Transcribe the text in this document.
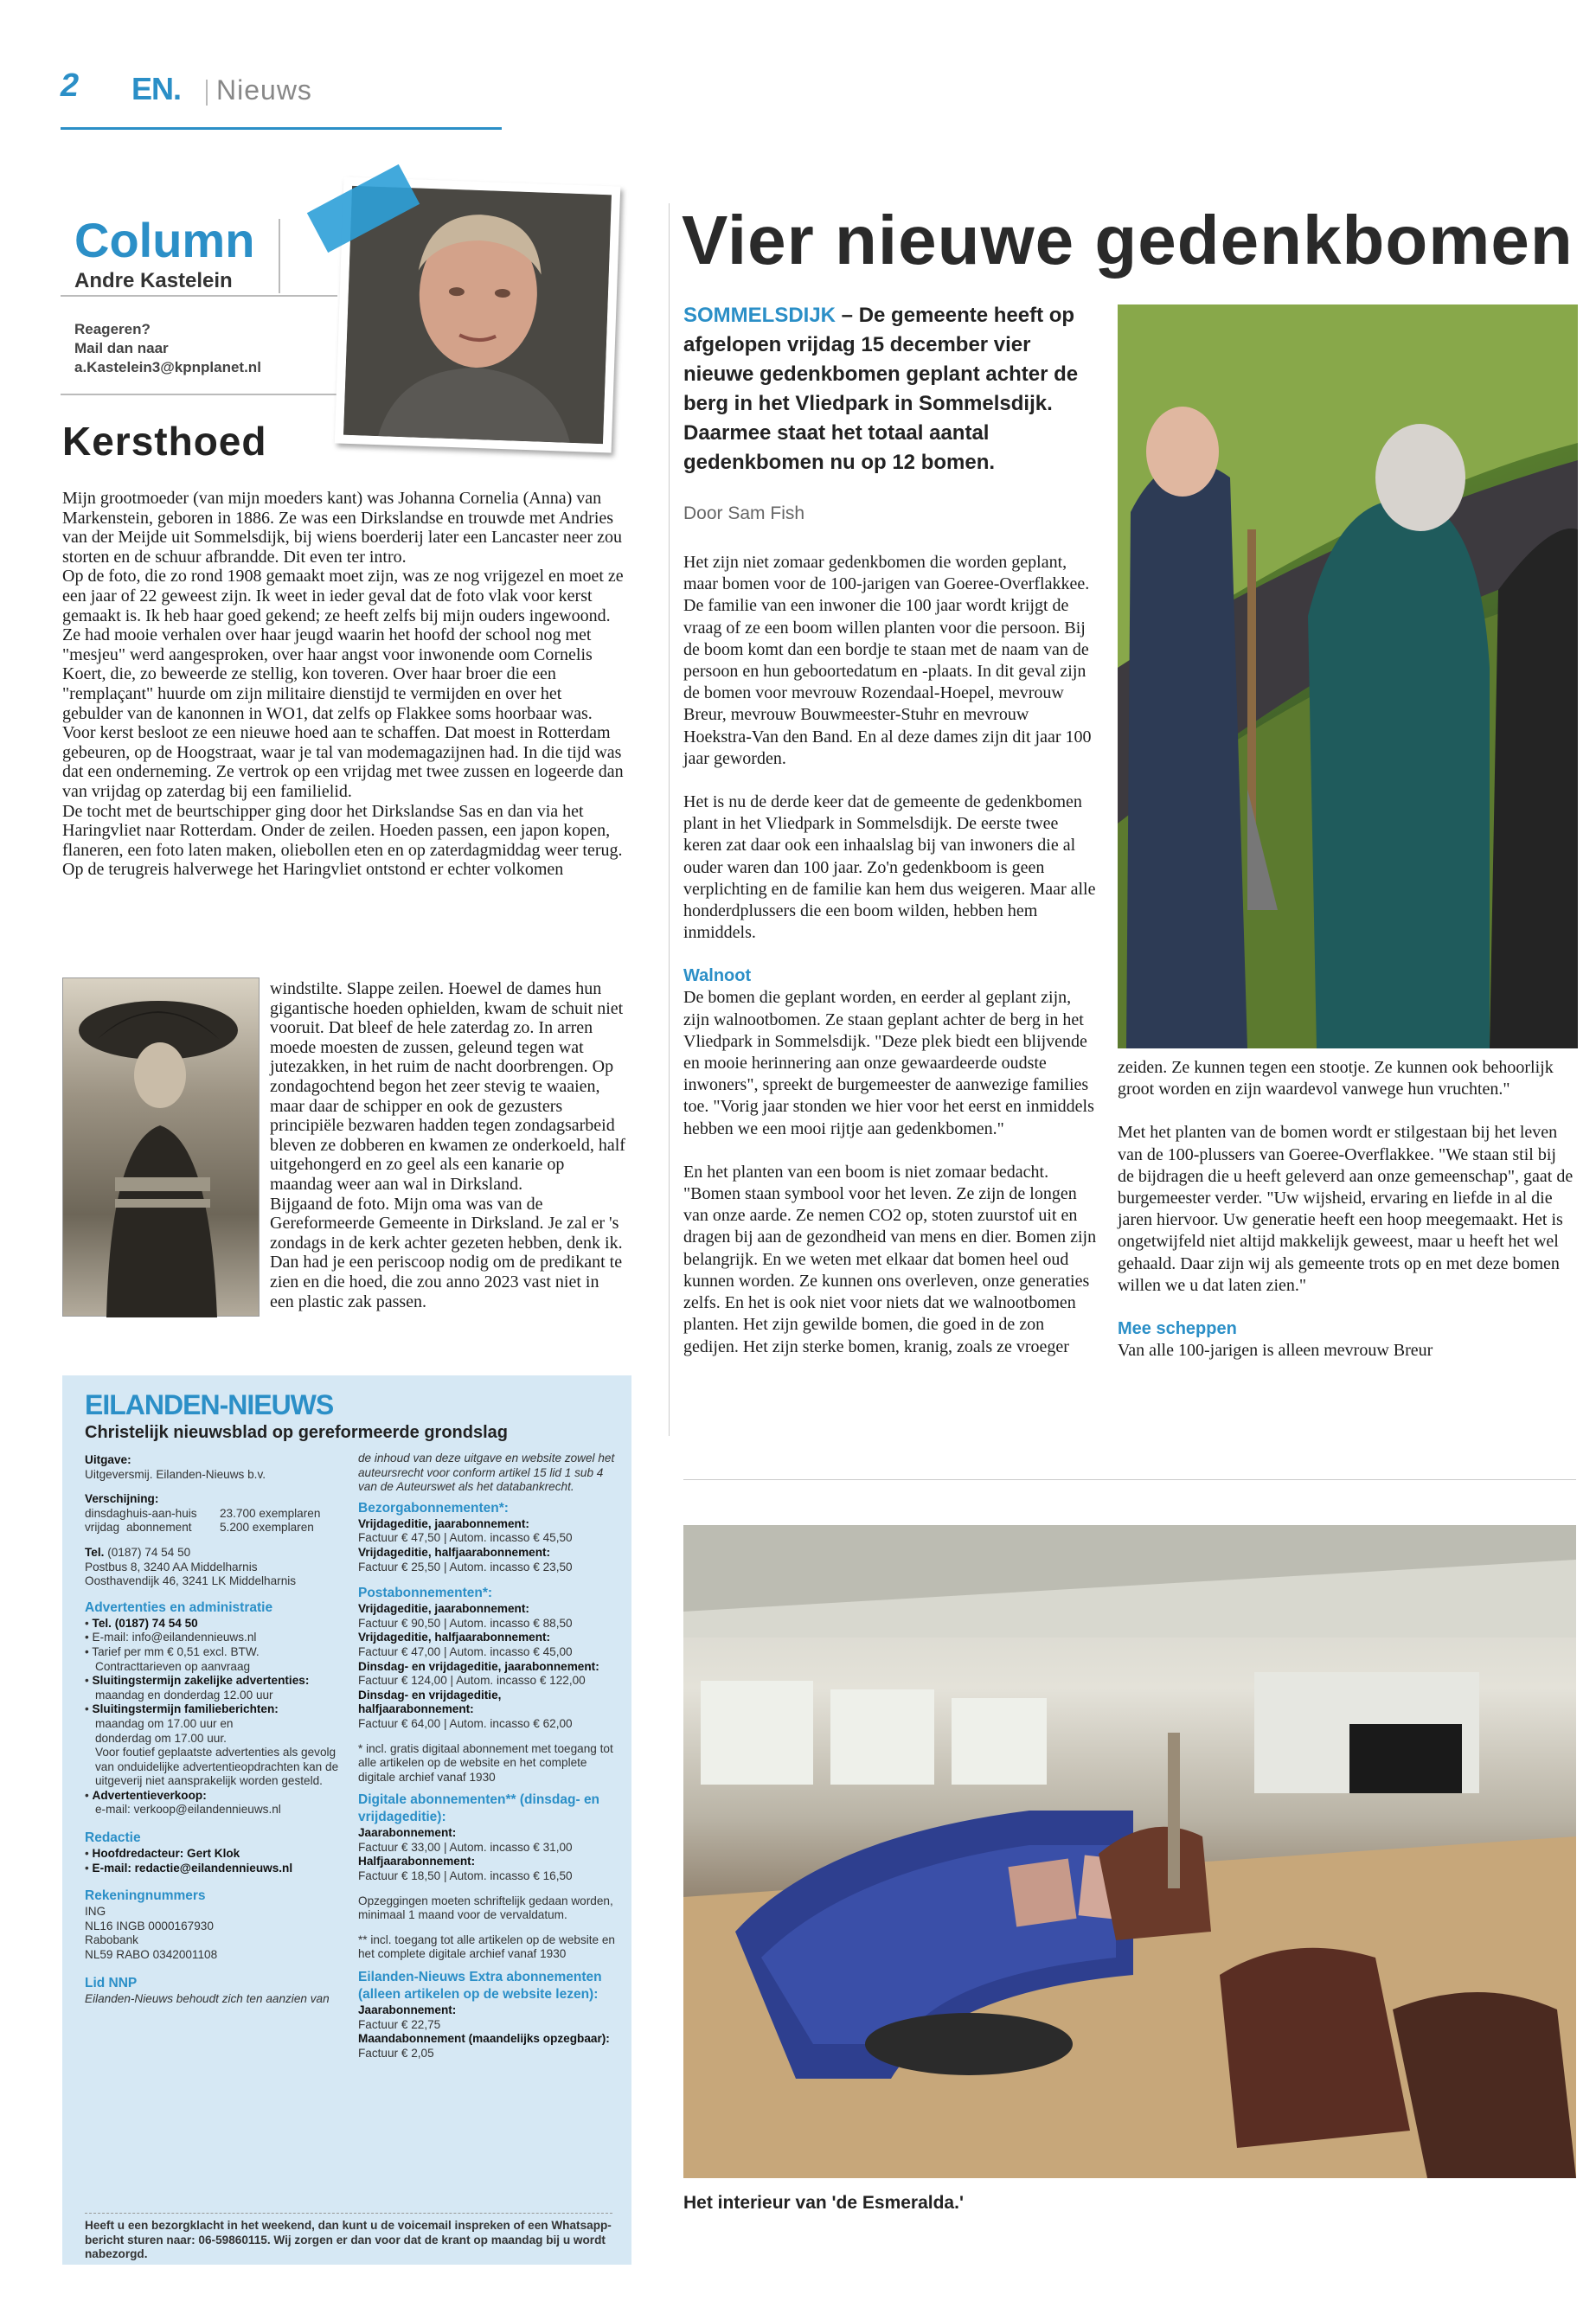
2 EN. Nieuws
Column
Andre Kastelein
Reageren?
Mail dan naar
a.Kastelein3@kpnplanet.nl
Kersthoed

Mijn grootmoeder (van mijn moeders kant) was Johanna Cornelia (Anna) van Markenstein, geboren in 1886. Ze was een Dirkslandse en trouwde met Andries van der Meijde uit Sommelsdijk, bij wiens boerderij later een Lancaster neer zou storten en de schuur afbrandde. Dit even ter intro.

Op de foto, die zo rond 1908 gemaakt moet zijn, was ze nog vrijgezel en moet ze een jaar of 22 geweest zijn. Ik weet in ieder geval dat de foto vlak voor kerst gemaakt is. Ik heb haar goed gekend; ze heeft zelfs bij mijn ouders ingewoond. Ze had mooie verhalen over haar jeugd waarin het hoofd der school nog met "mesjeu" werd aangesproken, over haar angst voor inwonende oom Cornelis Koert, die, zo beweerde ze stellig, kon toveren. Over haar broer die een "remplaçant" huurde om zijn militaire dienstijd te vermijden en over het gebulder van de kanonnen in WO1, dat zelfs op Flakkee soms hoorbaar was.

Voor kerst besloot ze een nieuwe hoed aan te schaffen. Dat moest in Rotterdam gebeuren, op de Hoogstraat, waar je tal van modemagazijnen had. In die tijd was dat een onderneming. Ze vertrok op een vrijdag met twee zussen en logeerde dan van vrijdag op zaterdag bij een familielid.

De tocht met de beurtschipper ging door het Dirkslandse Sas en dan via het Haringvliet naar Rotterdam. Onder de zeilen. Hoeden passen, een japon kopen, flaneren, een foto laten maken, oliebollen eten en op zaterdagmiddag weer terug.

Op de terugreis halverwege het Haringvliet ontstond er echter volkomen

windstilte. Slappe zeilen. Hoewel de dames hun gigantische hoeden ophielden, kwam de schuit niet vooruit. Dat bleef de hele zaterdag zo. In arren moede moesten de zussen, geleund tegen wat jutezakken, in het ruim de nacht doorbrengen. Op zondagochtend begon het zeer stevig te waaien, maar daar de schipper en ook de gezusters principiële bezwaren hadden tegen zondagsarbeid bleven ze dobberen en kwamen ze onderkoeld, half uitgehongerd en zo geel als een kanarie op maandag weer aan wal in Dirksland.

Bijgaand de foto. Mijn oma was van de Gereformeerde Gemeente in Dirksland. Je zal er 's zondags in de kerk achter gezeten hebben, denk ik. Dan had je een periscoop nodig om de predikant te zien en die hoed, die zou anno 2023 vast niet in een plastic zak passen.

EILANDEN-NIEUWS
Christelijk nieuwsblad op gereformeerde grondslag
Uitgave:
Uitgeversmij. Eilanden-Nieuws b.v.
Verschijning:
dinsdag huis-aan-huis	23.700 exemplaren
vrijdag abonnement	5.200 exemplaren
Tel. (0187) 74 54 50
Postbus 8, 3240 AA Middelharnis
Oosthavendijk 46, 3241 LK Middelharnis
Advertenties en administratie
• Tel. (0187) 74 54 50
• E-mail: info@eilandennieuws.nl
• Tarief per mm € 0,51 excl. BTW.
Contracttarieven op aanvraag
• Sluitingstermijn zakelijke advertenties:
maandag en donderdag 12.00 uur
• Sluitingstermijn familieberichten:
maandag om 17.00 uur en
donderdag om 17.00 uur.
Voor foutief geplaatste advertenties als gevolg van onduidelijke advertentieopdrachten kan de uitgeverij niet aansprakelijk worden gesteld.
• Advertentieverkoop:
e-mail: verkoop@eilandennieuws.nl
Redactie
• Hoofdredacteur: Gert Klok
• E-mail: redactie@eilandennieuws.nl
Rekeningnummers
ING
NL16 INGB 0000167930
Rabobank
NL59 RABO 0342001108
Lid NNP
Eilanden-Nieuws behoudt zich ten aanzien van
de inhoud van deze uitgave en website zowel het auteursrecht voor conform artikel 15 lid 1 sub 4 van de Auteurswet als het databankrecht.
Bezorgabonnementen*:
Vrijdageditie, jaarabonnement:
Factuur € 47,50 | Autom. incasso € 45,50
Vrijdageditie, halfjaarabonnement:
Factuur € 25,50 | Autom. incasso € 23,50
Postabonnementen*:
Vrijdageditie, jaarabonnement:
Factuur € 90,50 | Autom. incasso € 88,50
Vrijdageditie, halfjaarabonnement:
Factuur € 47,00 | Autom. incasso € 45,00
Dinsdag- en vrijdageditie, jaarabonnement:
Factuur € 124,00 | Autom. incasso € 122,00
Dinsdag- en vrijdageditie, halfjaarabonnement:
Factuur € 64,00 | Autom. incasso € 62,00
* incl. gratis digitaal abonnement met toegang tot alle artikelen op de website en het complete digitale archief vanaf 1930
Digitale abonnementen** (dinsdag- en vrijdageditie):
Jaarabonnement:
Factuur € 33,00 | Autom. incasso € 31,00
Halfjaarabonnement:
Factuur € 18,50 | Autom. incasso € 16,50
Opzeggingen moeten schriftelijk gedaan worden, minimaal 1 maand voor de vervaldatum.
** incl. toegang tot alle artikelen op de website en het complete digitale archief vanaf 1930
Eilanden-Nieuws Extra abonnementen (alleen artikelen op de website lezen):
Jaarabonnement:
Factuur € 22,75
Maandabonnement (maandelijks opzegbaar):
Factuur € 2,05
Heeft u een bezorgklacht in het weekend, dan kunt u de voicemail inspreken of een Whatsapp-bericht sturen naar: 06-59860115. Wij zorgen er dan voor dat de krant op maandag bij u wordt nabezorgd.
Vier nieuwe gedenkbomen
SOMMELSDIJK – De gemeente heeft op afgelopen vrijdag 15 december vier nieuwe gedenkbomen geplant achter de berg in het Vliedpark in Sommelsdijk. Daarmee staat het totaal aantal gedenkbomen nu op 12 bomen.
Door Sam Fish

Het zijn niet zomaar gedenkbomen die worden geplant, maar bomen voor de 100-jarigen van Goeree-Overflakkee. De familie van een inwoner die 100 jaar wordt krijgt de vraag of ze een boom willen planten voor die persoon. Bij de boom komt dan een bordje te staan met de naam van de persoon en hun geboortedatum en -plaats. In dit geval zijn de bomen voor mevrouw Rozendaal-Hoepel, mevrouw Breur, mevrouw Bouwmeester-Stuhr en mevrouw Hoekstra-Van den Band. En al deze dames zijn dit jaar 100 jaar geworden.

Het is nu de derde keer dat de gemeente de gedenkbomen plant in het Vliedpark in Sommelsdijk. De eerste twee keren zat daar ook een inhaalslag bij van inwoners die al ouder waren dan 100 jaar. Zo'n gedenkboom is geen verplichting en de familie kan hem dus weigeren. Maar alle honderdplussers die een boom wilden, hebben hem inmiddels.

Walnoot

De bomen die geplant worden, en eerder al geplant zijn, zijn walnootbomen. Ze staan geplant achter de berg in het Vliedpark in Sommelsdijk. "Deze plek biedt een blijvende en mooie herinnering aan onze gewaardeerde oudste inwoners", spreekt de burgemeester de aanwezige families toe. "Vorig jaar stonden we hier voor het eerst en inmiddels hebben we een mooi rijtje aan gedenkbomen."

En het planten van een boom is niet zomaar bedacht. "Bomen staan symbool voor het leven. Ze zijn de longen van onze aarde. Ze nemen CO2 op, stoten zuurstof uit en dragen bij aan de gezondheid van mens en dier. Bomen zijn belangrijk. En we weten met elkaar dat bomen heel oud kunnen worden. Ze kunnen ons overleven, onze generaties zelfs. En het is ook niet voor niets dat we walnootbomen planten. Het zijn gewilde bomen, die goed in de zon gedijen. Het zijn sterke bomen, kranig, zoals ze vroeger

zeiden. Ze kunnen tegen een stootje. Ze kunnen ook behoorlijk groot worden en zijn waardevol vanwege hun vruchten."

Met het planten van de bomen wordt er stilgestaan bij het leven van de 100-plussers van Goeree-Overflakkee. "We staan stil bij de bijdragen die u heeft geleverd aan onze gemeenschap", gaat de burgemeester verder. "Uw wijsheid, ervaring en liefde in al die jaren hiervoor. Uw generatie heeft een hoop meegemaakt. Het is ongetwijfeld niet altijd makkelijk geweest, maar u heeft het wel gehaald. Daar zijn wij als gemeente trots op en met deze bomen willen we u dat laten zien."

Mee scheppen

Van alle 100-jarigen is alleen mevrouw Breur

Het interieur van 'de Esmeralda.'
